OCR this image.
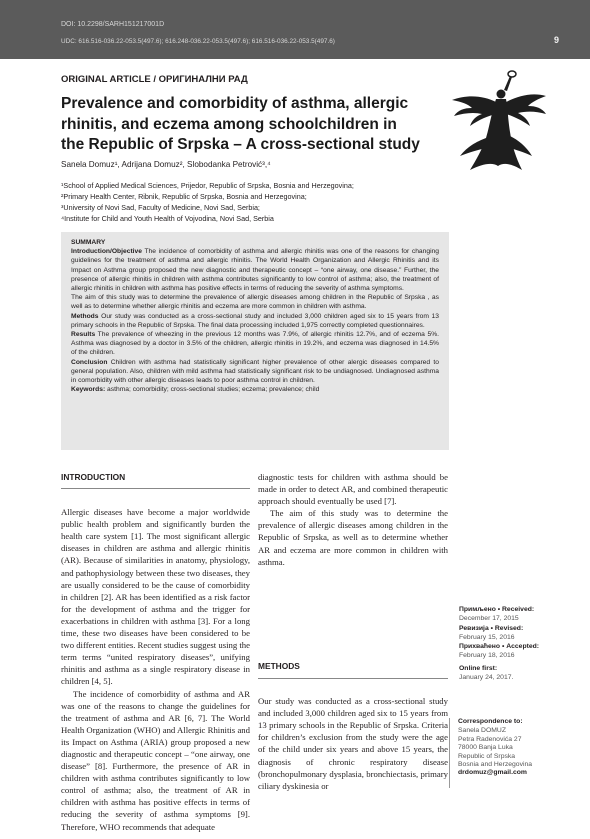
DOI: 10.2298/SARH151217001D
UDC: 616.516-036.22-053.5(497.6); 616.248-036.22-053.5(497.6); 616.516-036.22-053.5(497.6)	9
ORIGINAL ARTICLE / ОРИГИНАЛНИ РАД
Prevalence and comorbidity of asthma, allergic rhinitis, and eczema among schoolchildren in the Republic of Srpska – A cross-sectional study
Sanela Domuz¹, Adrijana Domuz², Slobodanka Petrović³,⁴
¹School of Applied Medical Sciences, Prijedor, Republic of Srpska, Bosnia and Herzegovina;
²Primary Health Center, Ribnik, Republic of Srpska, Bosnia and Herzegovina;
³University of Novi Sad, Faculty of Medicine, Novi Sad, Serbia;
⁴Institute for Child and Youth Health of Vojvodina, Novi Sad, Serbia

SUMMARY

Introduction/Objective The incidence of comorbidity of asthma and allergic rhinitis was one of the reasons for changing guidelines for the treatment of asthma and allergic rhinitis. The World Health Organization and Allergic Rhinitis and its Impact on Asthma group proposed the new diagnostic and therapeutic concept – “one airway, one disease.” Further, the presence of allergic rhinitis in children with asthma contributes significantly to low control of asthma; also, the treatment of allergic rhinitis in children with asthma has positive effects in terms of reducing the severity of asthma symptoms.

The aim of this study was to determine the prevalence of allergic diseases among children in the Republic of Srpska , as well as to determine whether allergic rhinitis and eczema are more common in children with asthma.

Methods Our study was conducted as a cross-sectional study and included 3,000 children aged six to 15 years from 13 primary schools in the Republic of Srpska. The final data processing included 1,975 correctly completed questionnaires.

Results The prevalence of wheezing in the previous 12 months was 7.9%, of allergic rhinitis 12.7%, and of eczema 5%. Asthma was diagnosed by a doctor in 3.5% of the children, allergic rhinitis in 19.2%, and eczema was diagnosed in 14.5% of the children.

Conclusion Children with asthma had statistically significant higher prevalence of other alergic diseases compared to general population. Also, children with mild asthma had statistically significant risk to be undiagnosed. Undiagnosed asthma in comorbidity with other allergic diseases leads to poor asthma control in children.

Keywords: asthma; comorbidity; cross-sectional studies; eczema; prevalence; child

INTRODUCTION

Allergic diseases have become a major worldwide public health problem and significantly burden the health care system [1]. The most significant allergic diseases in children are asthma and allergic rhinitis (AR). Because of similarities in anatomy, physiology, and pathophysiology between these two diseases, they are usually considered to be the cause of comorbidity in children [2]. AR has been identified as a risk factor for the development of asthma and the trigger for exacerbations in children with asthma [3]. For a long time, these two diseases have been considered to be two different entities. Recent studies suggest using the term terms “united respiratory diseases”, unifying rhinitis and asthma as a single respiratory disease in children [4, 5].

The incidence of comorbidity of asthma and AR was one of the reasons to change the guidelines for the treatment of asthma and AR [6, 7]. The World Health Organization (WHO) and Allergic Rhinitis and its Impact on Asthma (ARIA) group proposed a new diagnostic and therapeutic concept – “one airway, one disease” [8]. Furthermore, the presence of AR in children with asthma contributes significantly to low control of asthma; also, the treatment of AR in children with asthma has positive effects in terms of reducing the severity of asthma symptoms [9]. Therefore, WHO recommends that adequate

diagnostic tests for children with asthma should be made in order to detect AR, and combined therapeutic approach should eventually be used [7].

The aim of this study was to determine the prevalence of allergic diseases among children in the Republic of Srpska, as well as to determine whether AR and eczema are more common in children with asthma.

METHODS

Our study was conducted as a cross-sectional study and included 3,000 children aged six to 15 years from 13 primary schools in the Republic of Srpska. Criteria for children’s exclusion from the study were the age of the child under six years and above 15 years, the diagnosis of chronic respiratory disease (bronchopulmonary dysplasia, bronchiectasis, primary ciliary dyskinesia or

Примљено • Received:
December 17, 2015
Ревизија • Revised:
February 15, 2016
Прихваћено • Accepted:
February 18, 2016
Online first:
January 24, 2017.
Correspondence to:
Sanela DOMUZ
Petra Radenovića 27
78000 Banja Luka
Republic of Srpska
Bosnia and Herzegovina
drdomuz@gmail.com
